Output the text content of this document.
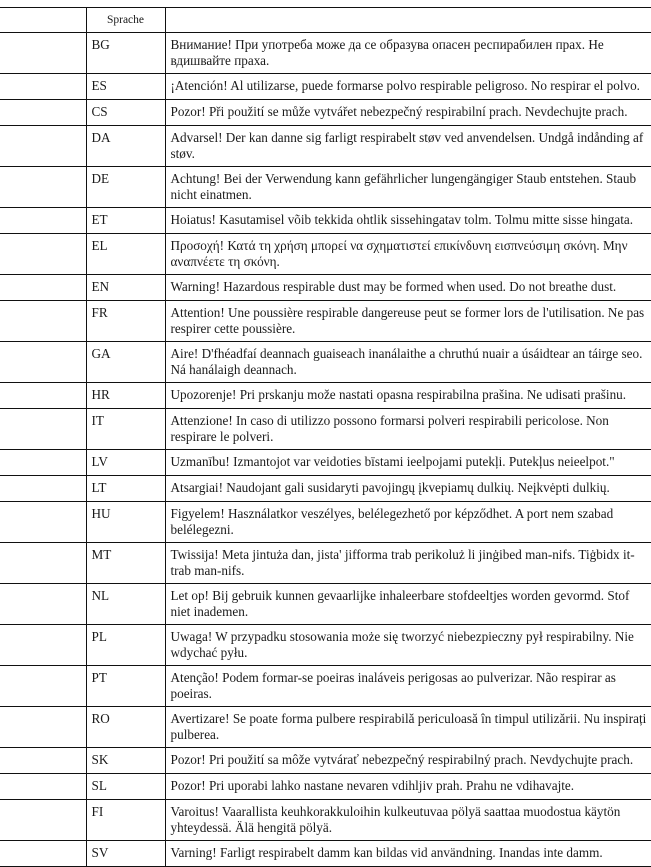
	Sprache	
	BG	Внимание! При употреба може да се образува опасен респирабилен прах. Не вдишвайте праха.
	ES	¡Atención! Al utilizarse, puede formarse polvo respirable peligroso. No respirar el polvo.
	CS	Pozor! Při použití se může vytvářet nebezpečný respirabilní prach. Nevdechujte prach.
	DA	Advarsel! Der kan danne sig farligt respirabelt støv ved anvendelsen. Undgå indånding af støv.
	DE	Achtung! Bei der Verwendung kann gefährlicher lungengängiger Staub entstehen. Staub nicht einatmen.
	ET	Hoiatus! Kasutamisel võib tekkida ohtlik sissehingatav tolm. Tolmu mitte sisse hingata.
	EL	Προσοχή! Κατά τη χρήση μπορεί να σχηματιστεί επικίνδυνη εισπνεύσιμη σκόνη. Μην αναπνέετε τη σκόνη.
	EN	Warning! Hazardous respirable dust may be formed when used. Do not breathe dust.
	FR	Attention! Une poussière respirable dangereuse peut se former lors de l'utilisation. Ne pas respirer cette poussière.
	GA	Aire! D'fhéadfaí deannach guaiseach inanálaithe a chruthú nuair a úsáidtear an táirge seo. Ná hanálaigh deannach.
	HR	Upozorenje! Pri prskanju može nastati opasna respirabilna prašina. Ne udisati prašinu.
	IT	Attenzione! In caso di utilizzo possono formarsi polveri respirabili pericolose. Non respirare le polveri.
	LV	Uzmanību! Izmantojot var veidoties bīstami ieelpojami putekļi. Putekļus neieelpot."
	LT	Atsargiai! Naudojant gali susidaryti pavojingų įkvepiamų dulkių. Neįkvėpti dulkių.
	HU	Figyelem! Használatkor veszélyes, belélegezhető por képződhet. A port nem szabad belélegezni.
	MT	Twissija! Meta jintuża dan, jista' jifforma trab perikoluż li jinġibed man-nifs. Tiġbidx it-trab man-nifs.
	NL	Let op! Bij gebruik kunnen gevaarlijke inhaleerbare stofdeeltjes worden gevormd. Stof niet inademen.
	PL	Uwaga! W przypadku stosowania może się tworzyć niebezpieczny pył respirabilny. Nie wdychać pyłu.
	PT	Atenção! Podem formar-se poeiras inaláveis perigosas ao pulverizar. Não respirar as poeiras.
	RO	Avertizare! Se poate forma pulbere respirabilă periculoasă în timpul utilizării. Nu inspirați pulberea.
	SK	Pozor! Pri použití sa môže vytvárať nebezpečný respirabilný prach. Nevdychujte prach.
	SL	Pozor! Pri uporabi lahko nastane nevaren vdihljiv prah. Prahu ne vdihavajte.
	FI	Varoitus! Vaarallista keuhkorakkuloihin kulkeutuvaa pölyä saattaa muodostua käytön yhteydessä. Älä hengitä pölyä.
	SV	Varning! Farligt respirabelt damm kan bildas vid användning. Inandas inte damm.
